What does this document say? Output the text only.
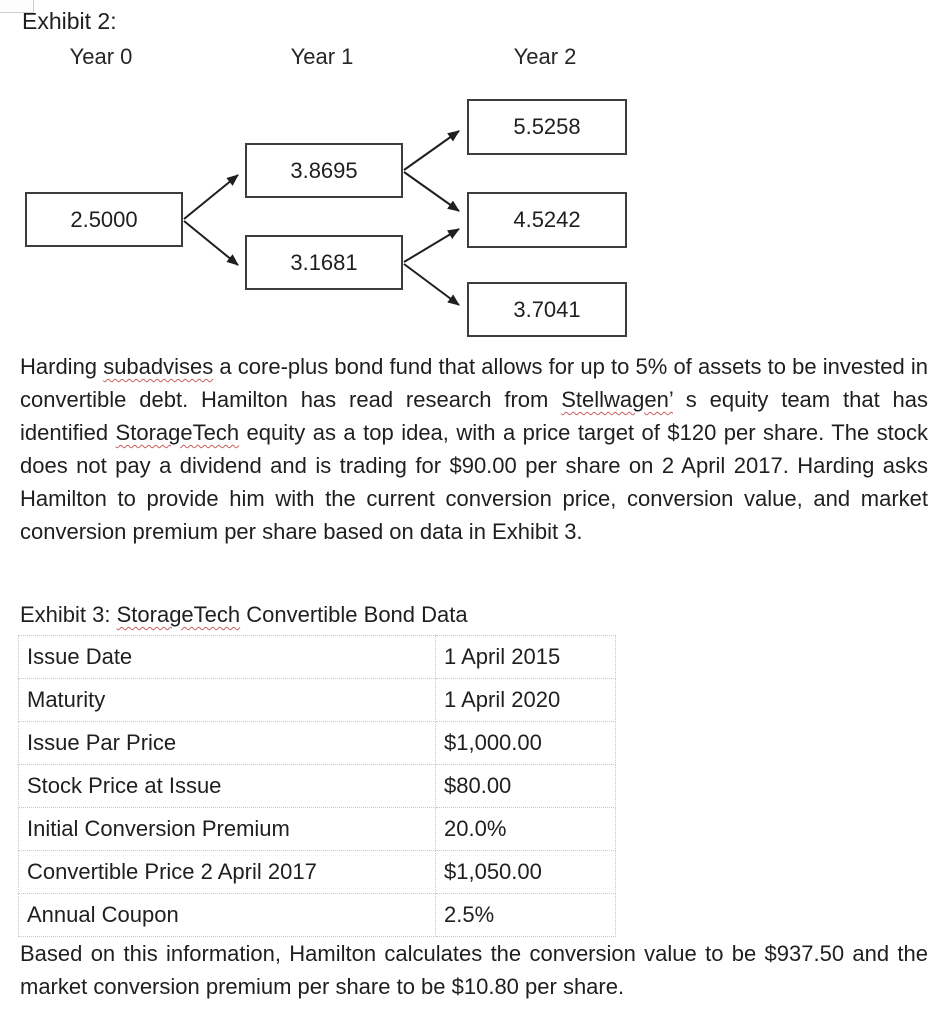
Exhibit 2:
Year 0	Year 1	Year 2
2.5000
3.8695
3.1681
5.5258
4.5242
3.7041
Harding subadvises a core-plus bond fund that allows for up to 5% of assets to be invested in convertible debt. Hamilton has read research from Stellwagen’ s equity team that has identified StorageTech equity as a top idea, with a price target of $120 per share. The stock does not pay a dividend and is trading for $90.00 per share on 2 April 2017. Harding asks Hamilton to provide him with the current conversion price, conversion value, and market conversion premium per share based on data in Exhibit 3.
Exhibit 3: StorageTech Convertible Bond Data
Issue Date	1 April 2015
Maturity	1 April 2020
Issue Par Price	$1,000.00
Stock Price at Issue	$80.00
Initial Conversion Premium	20.0%
Convertible Price 2 April 2017	$1,050.00
Annual Coupon	2.5%
Based on this information, Hamilton calculates the conversion value to be $937.50 and the market conversion premium per share to be $10.80 per share.
